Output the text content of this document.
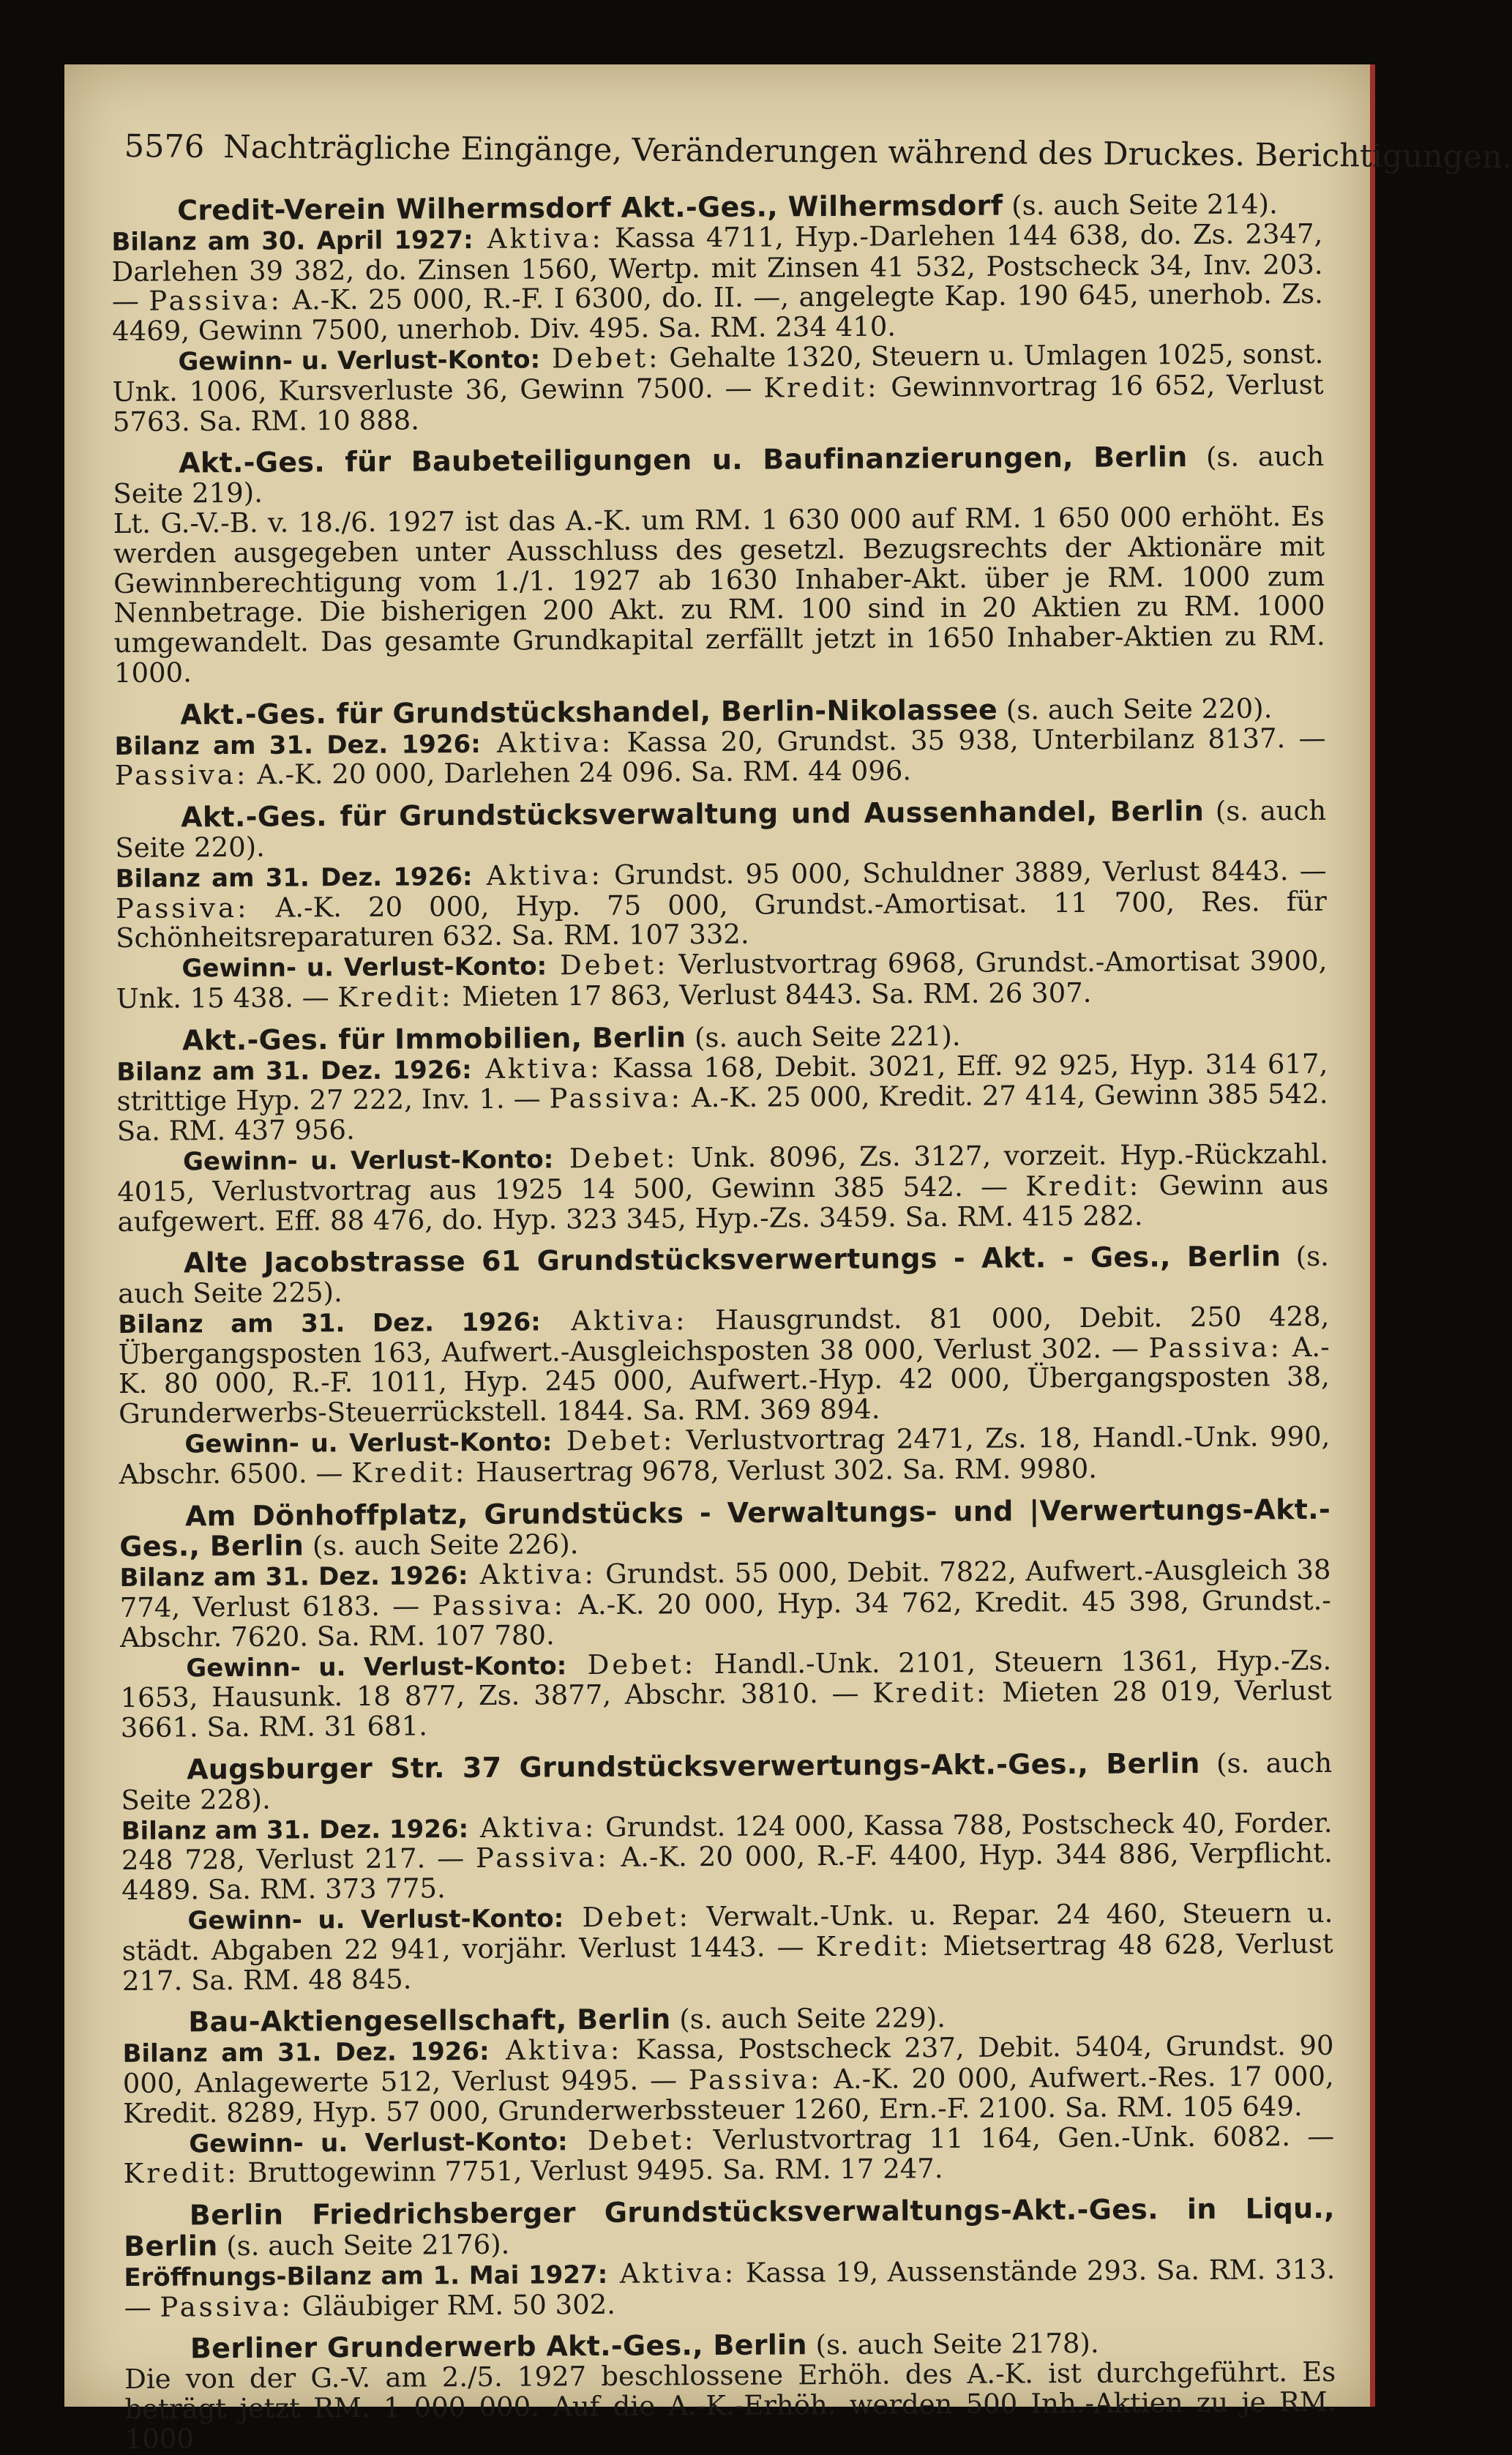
5576 Nachträgliche Eingänge, Veränderungen während des Druckes. Berichtigungen.

Credit-Verein Wilhermsdorf Akt.-Ges., Wilhermsdorf (s. auch Seite 214).
Bilanz am 30. April 1927: Aktiva: Kassa 4711, Hyp.-Darlehen 144 638, do. Zs. 2347, Darlehen 39 382, do. Zinsen 1560, Wertp. mit Zinsen 41 532, Postscheck 34, Inv. 203. — Passiva: A.-K. 25 000, R.-F. I 6300, do. II. —, angelegte Kap. 190 645, unerhob. Zs. 4469, Gewinn 7500, unerhob. Div. 495. Sa. RM. 234 410.

Gewinn- u. Verlust-Konto: Debet: Gehalte 1320, Steuern u. Umlagen 1025, sonst. Unk. 1006, Kursverluste 36, Gewinn 7500. — Kredit: Gewinnvortrag 16 652, Verlust 5763. Sa. RM. 10 888.

Akt.-Ges. für Baubeteiligungen u. Baufinanzierungen, Berlin (s. auch Seite 219).
Lt. G.-V.-B. v. 18./6. 1927 ist das A.-K. um RM. 1 630 000 auf RM. 1 650 000 erhöht. Es werden ausgegeben unter Ausschluss des gesetzl. Bezugsrechts der Aktionäre mit Gewinnberechtigung vom 1./1. 1927 ab 1630 Inhaber-Akt. über je RM. 1000 zum Nennbetrage. Die bisherigen 200 Akt. zu RM. 100 sind in 20 Aktien zu RM. 1000 umgewandelt. Das gesamte Grundkapital zerfällt jetzt in 1650 Inhaber-Aktien zu RM. 1000.

Akt.-Ges. für Grundstückshandel, Berlin-Nikolassee (s. auch Seite 220).
Bilanz am 31. Dez. 1926: Aktiva: Kassa 20, Grundst. 35 938, Unterbilanz 8137. — Passiva: A.-K. 20 000, Darlehen 24 096. Sa. RM. 44 096.

Akt.-Ges. für Grundstücksverwaltung und Aussenhandel, Berlin (s. auch Seite 220).
Bilanz am 31. Dez. 1926: Aktiva: Grundst. 95 000, Schuldner 3889, Verlust 8443. — Passiva: A.-K. 20 000, Hyp. 75 000, Grundst.-Amortisat. 11 700, Res. für Schönheitsreparaturen 632. Sa. RM. 107 332.

Gewinn- u. Verlust-Konto: Debet: Verlustvortrag 6968, Grundst.-Amortisat 3900, Unk. 15 438. — Kredit: Mieten 17 863, Verlust 8443. Sa. RM. 26 307.

Akt.-Ges. für Immobilien, Berlin (s. auch Seite 221).
Bilanz am 31. Dez. 1926: Aktiva: Kassa 168, Debit. 3021, Eff. 92 925, Hyp. 314 617, strittige Hyp. 27 222, Inv. 1. — Passiva: A.-K. 25 000, Kredit. 27 414, Gewinn 385 542. Sa. RM. 437 956.

Gewinn- u. Verlust-Konto: Debet: Unk. 8096, Zs. 3127, vorzeit. Hyp.-Rückzahl. 4015, Verlustvortrag aus 1925 14 500, Gewinn 385 542. — Kredit: Gewinn aus aufgewert. Eff. 88 476, do. Hyp. 323 345, Hyp.-Zs. 3459. Sa. RM. 415 282.

Alte Jacobstrasse 61 Grundstücksverwertungs - Akt. - Ges., Berlin (s. auch Seite 225).
Bilanz am 31. Dez. 1926: Aktiva: Hausgrundst. 81 000, Debit. 250 428, Übergangsposten 163, Aufwert.-Ausgleichsposten 38 000, Verlust 302. — Passiva: A.-K. 80 000, R.-F. 1011, Hyp. 245 000, Aufwert.-Hyp. 42 000, Übergangsposten 38, Grunderwerbs-Steuerrückstell. 1844. Sa. RM. 369 894.

Gewinn- u. Verlust-Konto: Debet: Verlustvortrag 2471, Zs. 18, Handl.-Unk. 990, Abschr. 6500. — Kredit: Hausertrag 9678, Verlust 302. Sa. RM. 9980.

Am Dönhoffplatz, Grundstücks - Verwaltungs- und |Verwertungs-Akt.-Ges., Berlin (s. auch Seite 226).
Bilanz am 31. Dez. 1926: Aktiva: Grundst. 55 000, Debit. 7822, Aufwert.-Ausgleich 38 774, Verlust 6183. — Passiva: A.-K. 20 000, Hyp. 34 762, Kredit. 45 398, Grundst.-Abschr. 7620. Sa. RM. 107 780.

Gewinn- u. Verlust-Konto: Debet: Handl.-Unk. 2101, Steuern 1361, Hyp.-Zs. 1653, Hausunk. 18 877, Zs. 3877, Abschr. 3810. — Kredit: Mieten 28 019, Verlust 3661. Sa. RM. 31 681.

Augsburger Str. 37 Grundstücksverwertungs-Akt.-Ges., Berlin (s. auch Seite 228).
Bilanz am 31. Dez. 1926: Aktiva: Grundst. 124 000, Kassa 788, Postscheck 40, Forder. 248 728, Verlust 217. — Passiva: A.-K. 20 000, R.-F. 4400, Hyp. 344 886, Verpflicht. 4489. Sa. RM. 373 775.

Gewinn- u. Verlust-Konto: Debet: Verwalt.-Unk. u. Repar. 24 460, Steuern u. städt. Abgaben 22 941, vorjähr. Verlust 1443. — Kredit: Mietsertrag 48 628, Verlust 217. Sa. RM. 48 845.

Bau-Aktiengesellschaft, Berlin (s. auch Seite 229).
Bilanz am 31. Dez. 1926: Aktiva: Kassa, Postscheck 237, Debit. 5404, Grundst. 90 000, Anlagewerte 512, Verlust 9495. — Passiva: A.-K. 20 000, Aufwert.-Res. 17 000, Kredit. 8289, Hyp. 57 000, Grunderwerbssteuer 1260, Ern.-F. 2100. Sa. RM. 105 649.

Gewinn- u. Verlust-Konto: Debet: Verlustvortrag 11 164, Gen.-Unk. 6082. — Kredit: Bruttogewinn 7751, Verlust 9495. Sa. RM. 17 247.

Berlin Friedrichsberger Grundstücksverwaltungs-Akt.-Ges. in Liqu., Berlin (s. auch Seite 2176).
Eröffnungs-Bilanz am 1. Mai 1927: Aktiva: Kassa 19, Aussenstände 293. Sa. RM. 313. — Passiva: Gläubiger RM. 50 302.

Berliner Grunderwerb Akt.-Ges., Berlin (s. auch Seite 2178).
Die von der G.-V. am 2./5. 1927 beschlossene Erhöh. des A.-K. ist durchgeführt. Es beträgt jetzt RM. 1 000 000. Auf die A.-K.-Erhöh. werden 500 Inh.-Aktien zu je RM. 1000
